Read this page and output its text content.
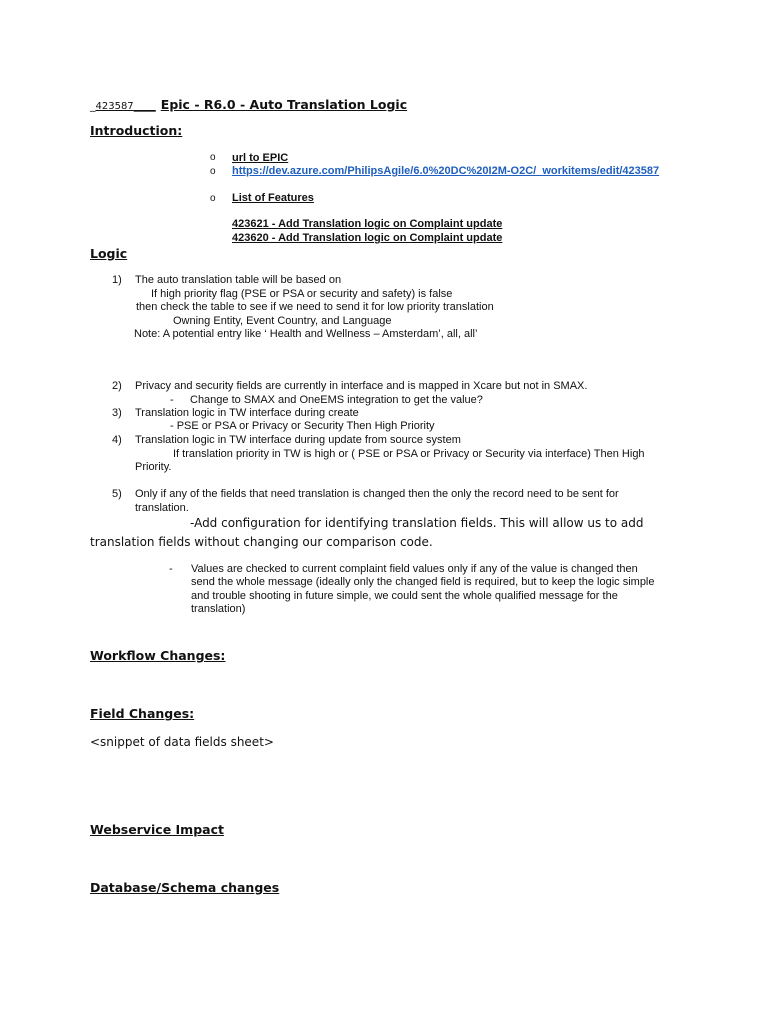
_423587____ Epic - R6.0 - Auto Translation Logic
Introduction:
o url to EPIC
o https://dev.azure.com/PhilipsAgile/6.0%20DC%20I2M-O2C/_workitems/edit/423587
o List of Features
423621 - Add Translation logic on Complaint update
423620 - Add Translation logic on Complaint update
Logic
1) The auto translation table will be based on
If high priority flag (PSE or PSA or security and safety) is false
then check the table to see if we need to send it for low priority translation
Owning Entity, Event Country, and Language
Note: A potential entry like ‘ Health and Wellness – Amsterdam’, all, all’
2) Privacy and security fields are currently in interface and is mapped in Xcare but not in SMAX.
- Change to SMAX and OneEMS integration to get the value?
3) Translation logic in TW interface during create
- PSE or PSA or Privacy or Security Then High Priority
4) Translation logic in TW interface during update from source system
If translation priority in TW is high or ( PSE or PSA or Privacy or Security via interface) Then High
Priority.
5) Only if any of the fields that need translation is changed then the only the record need to be sent for
translation.
-Add configuration for identifying translation fields. This will allow us to add
translation fields without changing our comparison code.
- Values are checked to current complaint field values only if any of the value is changed then
send the whole message (ideally only the changed field is required, but to keep the logic simple
and trouble shooting in future simple, we could sent the whole qualified message for the
translation)
Workflow Changes:
Field Changes:
<snippet of data fields sheet>
Webservice Impact
Database/Schema changes
